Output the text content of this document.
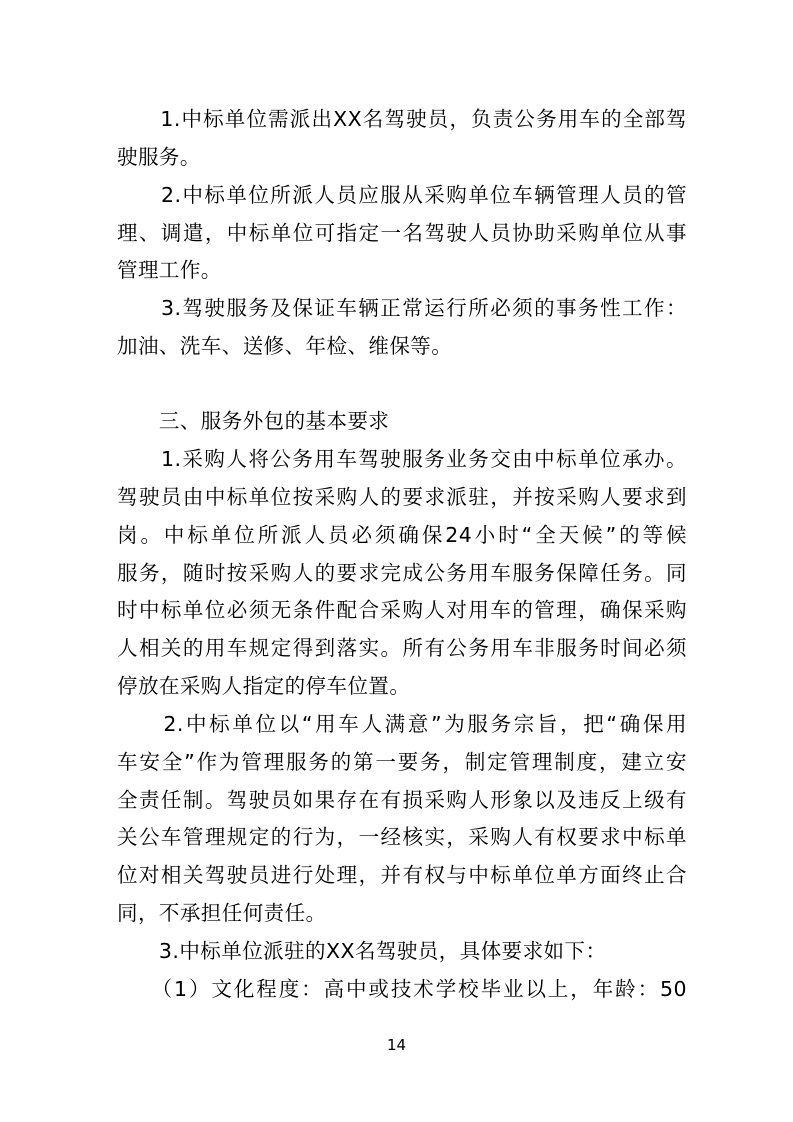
　　1.中标单位需派出XX名驾驶员，负责公务用车的全部驾
驶服务。
　　2.中标单位所派人员应服从采购单位车辆管理人员的管
理、调遣，中标单位可指定一名驾驶人员协助采购单位从事
管理工作。
　　3.驾驶服务及保证车辆正常运行所必须的事务性工作：
加油、洗车、送修、年检、维保等。
　　三、服务外包的基本要求
　　1.采购人将公务用车驾驶服务业务交由中标单位承办。
驾驶员由中标单位按采购人的要求派驻，并按采购人要求到
岗。中标单位所派人员必须确保24小时“全天候”的等候
服务，随时按采购人的要求完成公务用车服务保障任务。同
时中标单位必须无条件配合采购人对用车的管理，确保采购
人相关的用车规定得到落实。所有公务用车非服务时间必须
停放在采购人指定的停车位置。
　　2.中标单位以“用车人满意”为服务宗旨，把“确保用
车安全”作为管理服务的第一要务，制定管理制度，建立安
全责任制。驾驶员如果存在有损采购人形象以及违反上级有
关公车管理规定的行为，一经核实，采购人有权要求中标单
位对相关驾驶员进行处理，并有权与中标单位单方面终止合
同，不承担任何责任。
　　3.中标单位派驻的XX名驾驶员，具体要求如下：
　　（1）文化程度：高中或技术学校毕业以上，年龄：50
14
